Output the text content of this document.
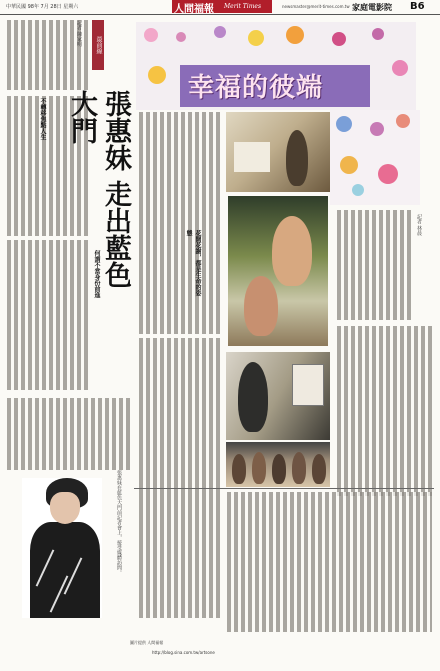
中華民國 98年 7月 28日 星期六	人間福報 Merit Times	newsmaster@merit-times.com.tw 家庭電影院 B6
最前線
記者 陳家明
張惠妹 走出藍色大門
不轉移焦點人生
何謂不當身份前進
張惠妹在藍色大門前記者會上，接受媒體訪問。
幸福的彼端
花開花謝，都是生命的姿態	記者 林晨
圖片提供 人間福報
http://blog.sina.com.tw/artsone
